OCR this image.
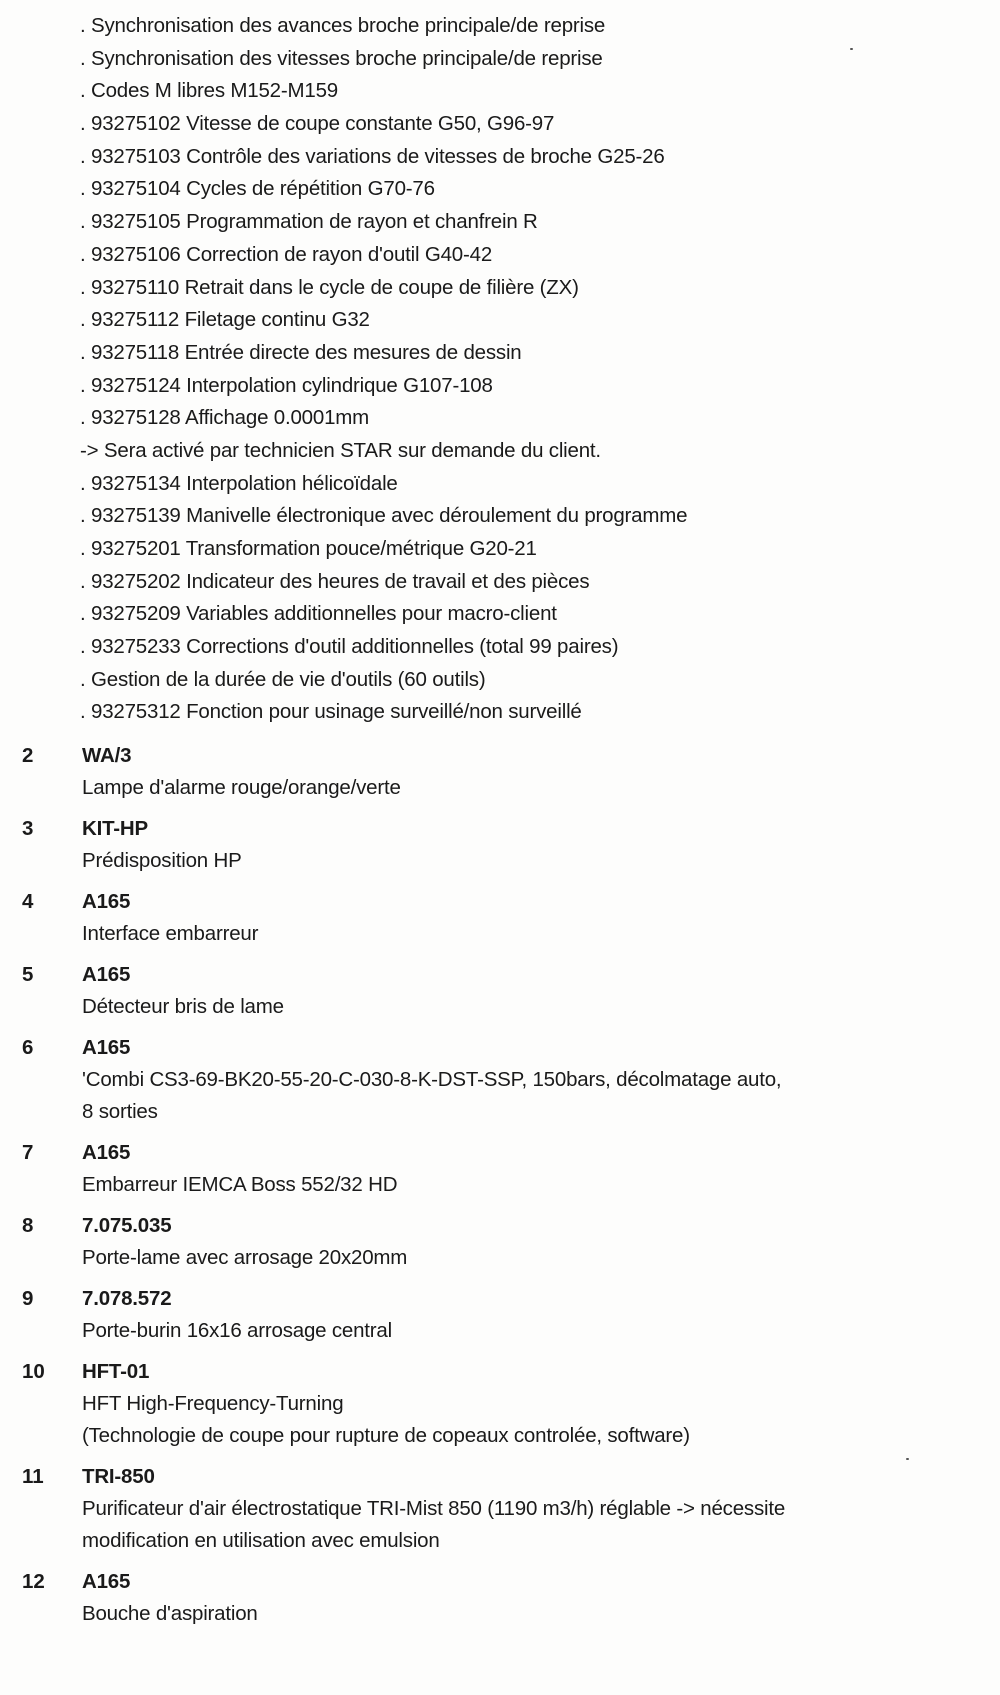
. Synchronisation des avances broche principale/de reprise
. Synchronisation des vitesses broche principale/de reprise
. Codes M libres M152-M159
. 93275102 Vitesse de coupe constante G50, G96-97
. 93275103 Contrôle des variations de vitesses de broche G25-26
. 93275104 Cycles de répétition G70-76
. 93275105 Programmation de rayon et chanfrein R
. 93275106 Correction de rayon d'outil G40-42
. 93275110 Retrait dans le cycle de coupe de filière (ZX)
. 93275112 Filetage continu G32
. 93275118 Entrée directe des mesures de dessin
. 93275124 Interpolation cylindrique G107-108
. 93275128 Affichage 0.0001mm
-> Sera activé par technicien STAR sur demande du client.
. 93275134 Interpolation hélicoïdale
. 93275139 Manivelle électronique avec déroulement du programme
. 93275201 Transformation pouce/métrique G20-21
. 93275202 Indicateur des heures de travail et des pièces
. 93275209 Variables additionnelles pour macro-client
. 93275233 Corrections d'outil additionnelles (total 99 paires)
. Gestion de la durée de vie d'outils (60 outils)
. 93275312 Fonction pour usinage surveillé/non surveillé
2 WA/3
Lampe d'alarme rouge/orange/verte
3 KIT-HP
Prédisposition HP
4 A165
Interface embarreur
5 A165
Détecteur bris de lame
6 A165
'Combi CS3-69-BK20-55-20-C-030-8-K-DST-SSP, 150bars, décolmatage auto,
8 sorties
7 A165
Embarreur IEMCA Boss 552/32 HD
8 7.075.035
Porte-lame avec arrosage 20x20mm
9 7.078.572
Porte-burin 16x16 arrosage central
10 HFT-01
HFT High-Frequency-Turning
(Technologie de coupe pour rupture de copeaux controlée, software)
11 TRI-850
Purificateur d'air électrostatique TRI-Mist 850 (1190 m3/h) réglable -> nécessite
modification en utilisation avec emulsion
12 A165
Bouche d'aspiration
